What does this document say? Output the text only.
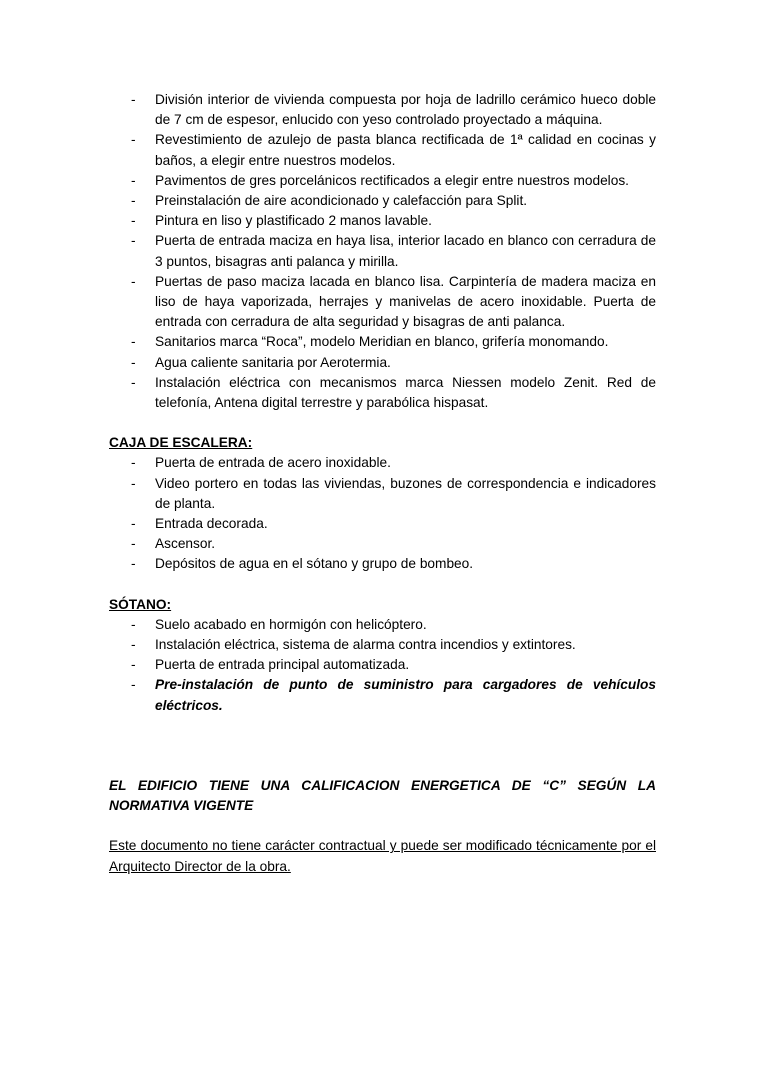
- División interior de vivienda compuesta por hoja de ladrillo cerámico hueco doble de 7 cm de espesor, enlucido con yeso controlado proyectado a máquina.
- Revestimiento de azulejo de pasta blanca rectificada de 1ª calidad en cocinas y baños, a elegir entre nuestros modelos.
- Pavimentos de gres porcelánicos rectificados a elegir entre nuestros modelos.
- Preinstalación de aire acondicionado y calefacción para Split.
- Pintura en liso y plastificado 2 manos lavable.
- Puerta de entrada maciza en haya lisa, interior lacado en blanco con cerradura de 3 puntos, bisagras anti palanca y mirilla.
- Puertas de paso maciza lacada en blanco lisa. Carpintería de madera maciza en liso de haya vaporizada, herrajes y manivelas de acero inoxidable. Puerta de entrada con cerradura de alta seguridad y bisagras de anti palanca.
- Sanitarios marca “Roca”, modelo Meridian en blanco, grifería monomando.
- Agua caliente sanitaria por Aerotermia.
- Instalación eléctrica con mecanismos marca Niessen modelo Zenit. Red de telefonía, Antena digital terrestre y parabólica hispasat.

CAJA DE ESCALERA:

- Puerta de entrada de acero inoxidable.
- Video portero en todas las viviendas, buzones de correspondencia e indicadores de planta.
- Entrada decorada.
- Ascensor.
- Depósitos de agua en el sótano y grupo de bombeo.

SÓTANO:

- Suelo acabado en hormigón con helicóptero.
- Instalación eléctrica, sistema de alarma contra incendios y extintores.
- Puerta de entrada principal automatizada.
- Pre-instalación de punto de suministro para cargadores de vehículos eléctricos.

EL EDIFICIO TIENE UNA CALIFICACION ENERGETICA DE “C” SEGÚN LA NORMATIVA VIGENTE

Este documento no tiene carácter contractual y puede ser modificado técnicamente por el Arquitecto Director de la obra.
